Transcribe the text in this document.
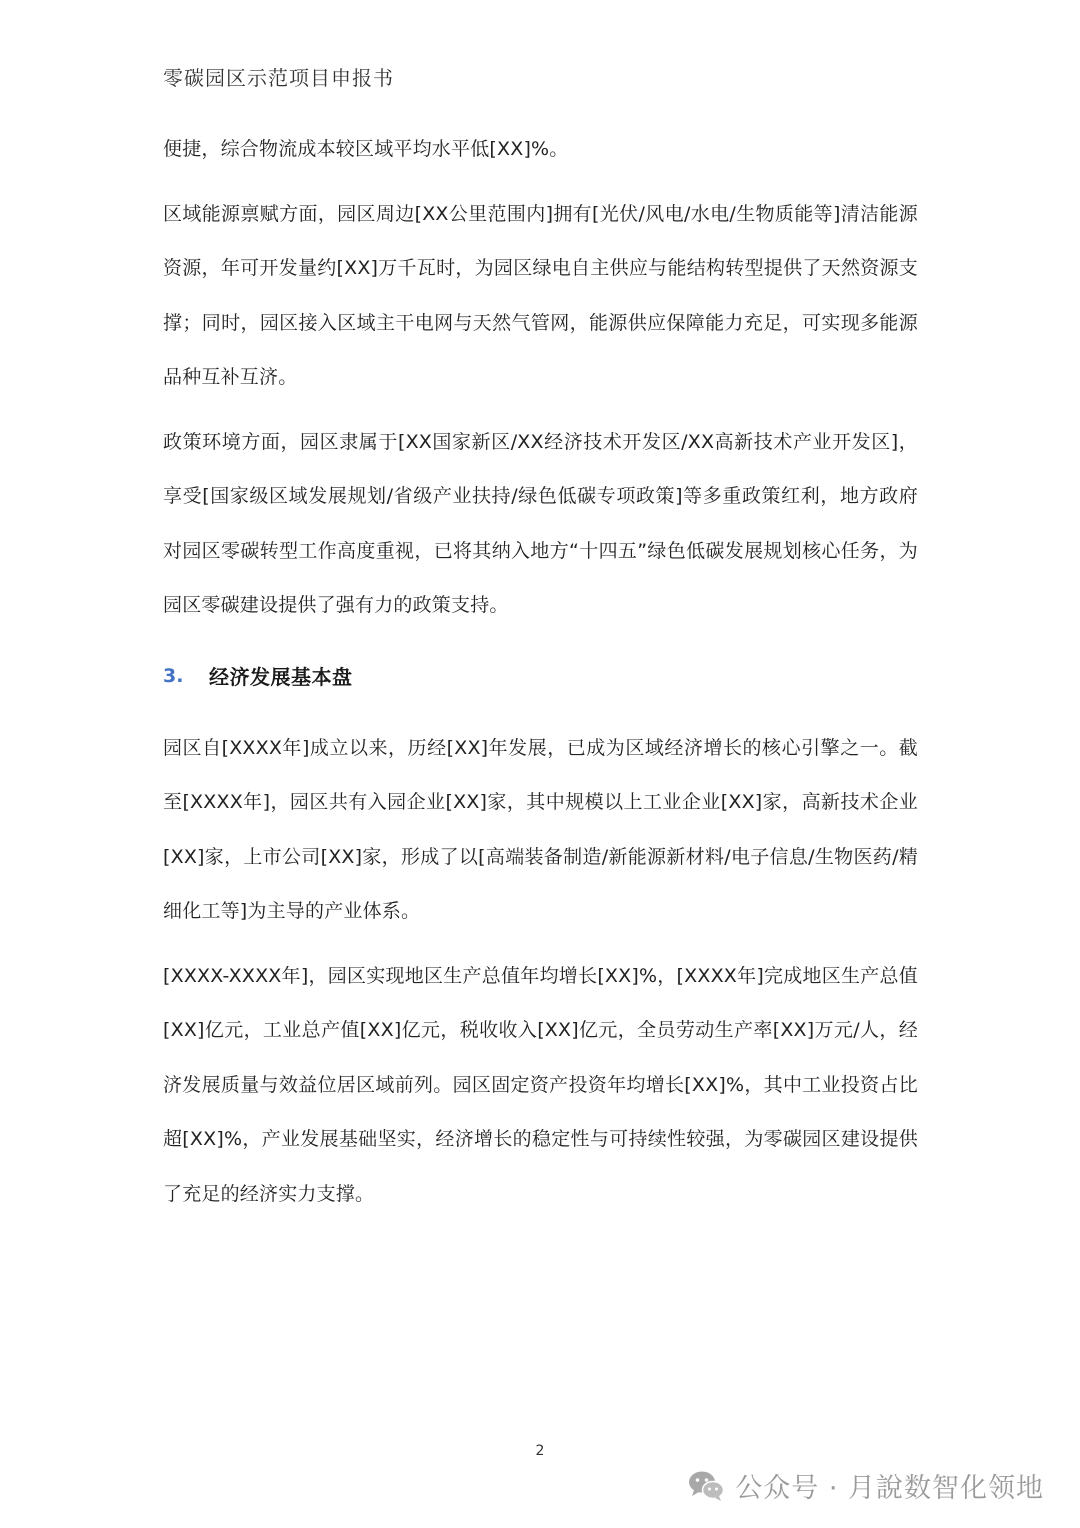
零碳园区示范项目申报书

便捷，综合物流成本较区域平均水平低[XX]%。

区域能源禀赋方面，园区周边[XX公里范围内]拥有[光伏/风电/水电/生物质能等]清洁能源资源，年可开发量约[XX]万千瓦时，为园区绿电自主供应与能结构转型提供了天然资源支撑；同时，园区接入区域主干电网与天然气管网，能源供应保障能力充足，可实现多能源品种互补互济。

政策环境方面，园区隶属于[XX国家新区/XX经济技术开发区/XX高新技术产业开发区]，享受[国家级区域发展规划/省级产业扶持/绿色低碳专项政策]等多重政策红利，地方政府对园区零碳转型工作高度重视，已将其纳入地方“十四五”绿色低碳发展规划核心任务，为园区零碳建设提供了强有力的政策支持。

3.	经济发展基本盘

园区自[XXXX年]成立以来，历经[XX]年发展，已成为区域经济增长的核心引擎之一。截至[XXXX年]，园区共有入园企业[XX]家，其中规模以上工业企业[XX]家，高新技术企业[XX]家，上市公司[XX]家，形成了以[高端装备制造/新能源新材料/电子信息/生物医药/精细化工等]为主导的产业体系。

[XXXX-XXXX年]，园区实现地区生产总值年均增长[XX]%，[XXXX年]完成地区生产总值[XX]亿元，工业总产值[XX]亿元，税收收入[XX]亿元，全员劳动生产率[XX]万元/人，经济发展质量与效益位居区域前列。园区固定资产投资年均增长[XX]%，其中工业投资占比超[XX]%，产业发展基础坚实，经济增长的稳定性与可持续性较强，为零碳园区建设提供了充足的经济实力支撑。

2
公众号 · 月說数智化领地
